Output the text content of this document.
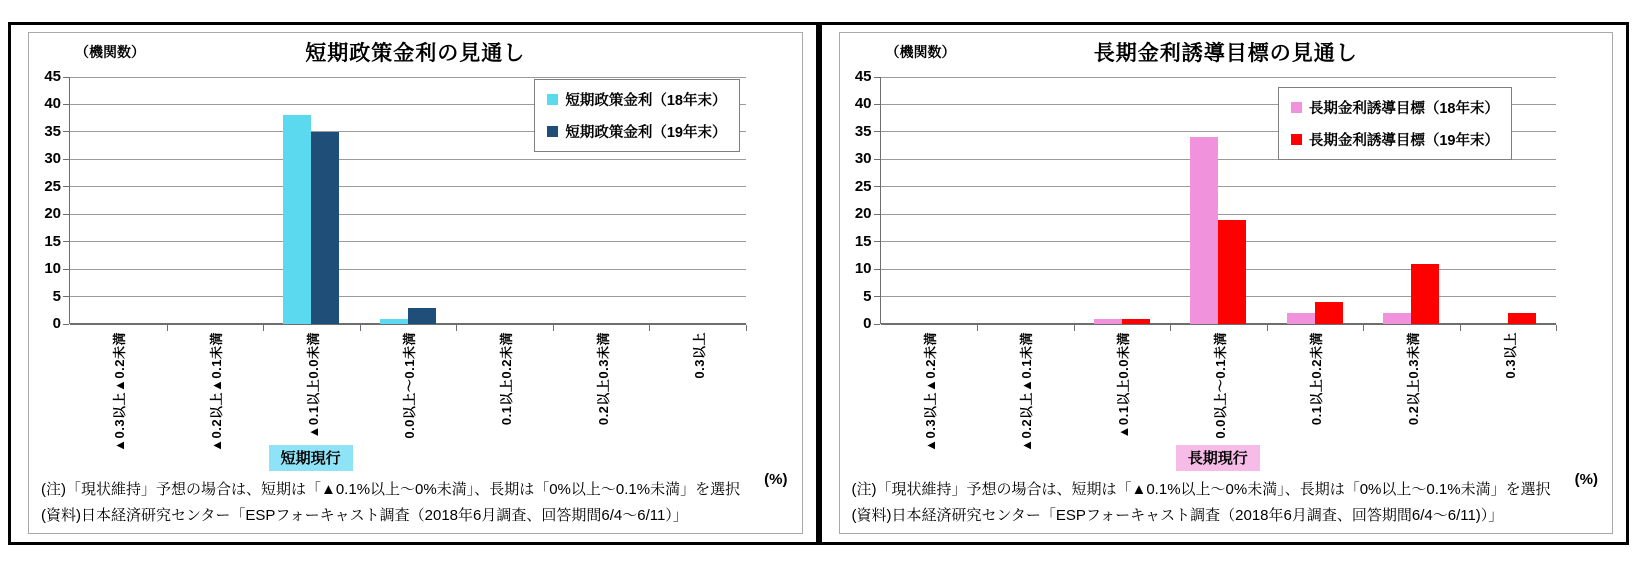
短期政策金利の見通し
（機関数）
0
5
10
15
20
25
30
35
40
45
▲0.3以上▲0.2未満	▲0.2以上▲0.1未満	▲0.1以上0.0未満	0.0以上～0.1未満	0.1以上0.2未満	0.2以上0.3未満	0.3以上
短期現行
短期政策金利（18年末）
短期政策金利（19年末）
(%)
(注)「現状維持」予想の場合は、短期は「▲0.1%以上～0%未満」、長期は「0%以上～0.1%未満」を選択
(資料)日本経済研究センター「ESPフォーキャスト調査（2018年6月調査、回答期間6/4～6/11）」
長期金利誘導目標の見通し
（機関数）
0
5
10
15
20
25
30
35
40
45
▲0.3以上▲0.2未満	▲0.2以上▲0.1未満	▲0.1以上0.0未満	0.0以上～0.1未満	0.1以上0.2未満	0.2以上0.3未満	0.3以上
長期現行
長期金利誘導目標（18年末）
長期金利誘導目標（19年末）
(%)
(注)「現状維持」予想の場合は、短期は「▲0.1%以上～0%未満」、長期は「0%以上～0.1%未満」を選択
(資料)日本経済研究センター「ESPフォーキャスト調査（2018年6月調査、回答期間6/4～6/11)）」
